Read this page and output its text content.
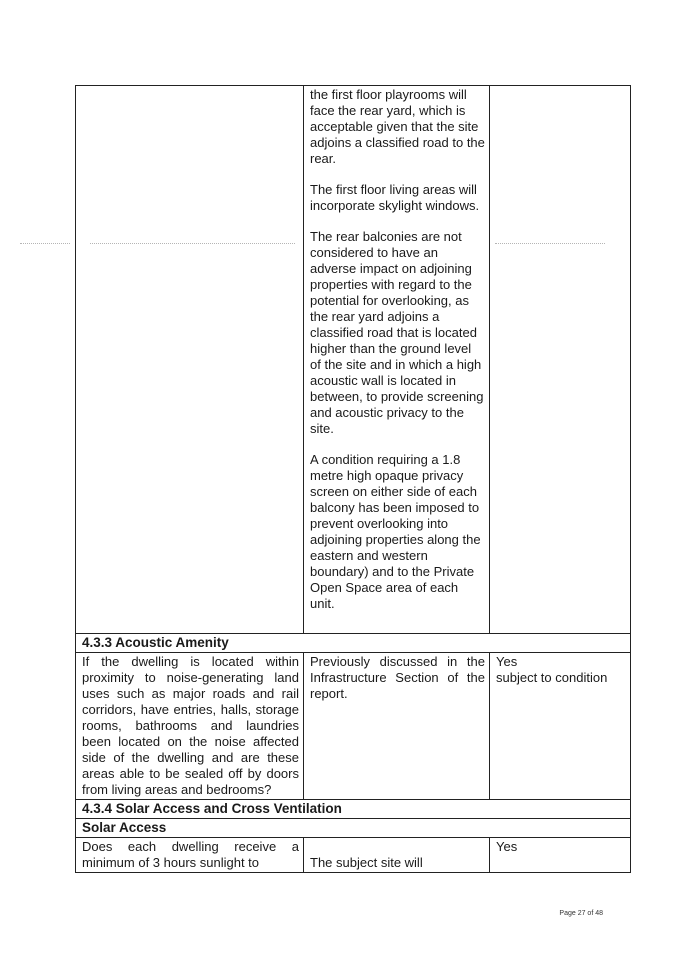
	the first floor playrooms will face the rear yard, which is acceptable given that the site adjoins a classified road to the rear.
The first floor living areas will incorporate skylight windows.
The rear balconies are not considered to have an adverse impact on adjoining properties with regard to the potential for overlooking, as the rear yard adjoins a classified road that is located higher than the ground level of the site and in which a high acoustic wall is located in between, to provide screening and acoustic privacy to the site.
A condition requiring a 1.8 metre high opaque privacy screen on either side of each balcony has been imposed to prevent overlooking into adjoining properties along the eastern and western boundary) and to the Private Open Space area of each unit.	

4.3.3 Acoustic Amenity		

If the dwelling is located within proximity to noise-generating land uses such as major roads and rail corridors, have entries, halls, storage rooms, bathrooms and laundries been located on the noise affected side of the dwelling and are these areas able to be sealed off by doors from living areas and bedrooms?	Previously discussed in the Infrastructure Section of the report.	Yes
subject to condition

4.3.4 Solar Access and Cross Ventilation		
Solar Access		

Does each dwelling receive a minimum of 3 hours sunlight to	The subject site will	Yes
Page 27 of 48
